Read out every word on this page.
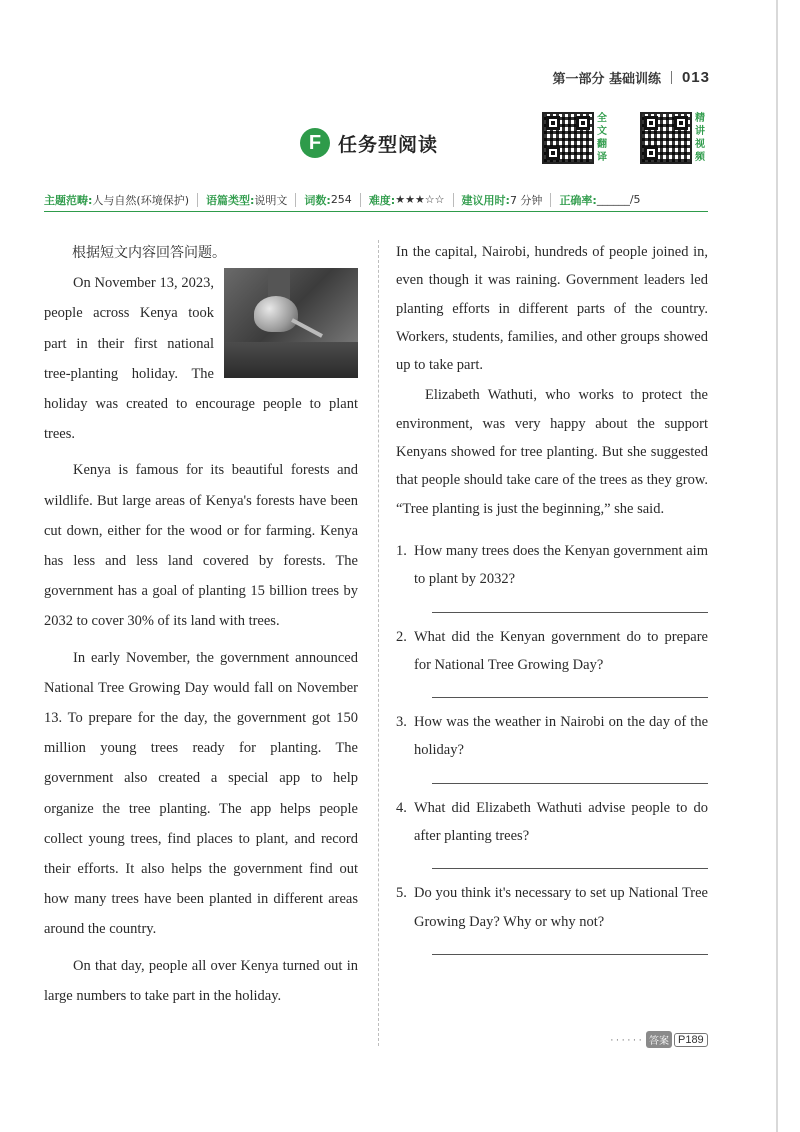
第一部分 基础训练 013
F 任务型阅读
全
文
翻
译
精
讲
视
频
主题范畴: 人与自然(环境保护) 语篇类型: 说明文 词数: 254 难度: ★★★☆☆ 建议用时: 7 分钟 正确率: ______/5

根据短文内容回答问题。

On November 13, 2023, people across Kenya took part in their first national tree-planting holiday. The holiday was created to encourage people to plant trees.

Kenya is famous for its beautiful forests and wildlife. But large areas of Kenya's forests have been cut down, either for the wood or for farming. Kenya has less and less land covered by forests. The government has a goal of planting 15 billion trees by 2032 to cover 30% of its land with trees.

In early November, the government announced National Tree Growing Day would fall on November 13. To prepare for the day, the government got 150 million young trees ready for planting. The government also created a special app to help organize the tree planting. The app helps people collect young trees, find places to plant, and record their efforts. It also helps the government find out how many trees have been planted in different areas around the country.

On that day, people all over Kenya turned out in large numbers to take part in the holiday.

In the capital, Nairobi, hundreds of people joined in, even though it was raining. Government leaders led planting efforts in different parts of the country. Workers, students, families, and other groups showed up to take part.

Elizabeth Wathuti, who works to protect the environment, was very happy about the support Kenyans showed for tree planting. But she suggested that people should take care of the trees as they grow. “Tree planting is just the beginning,” she said.

1. How many trees does the Kenyan government aim to plant by 2032?
2. What did the Kenyan government do to prepare for National Tree Growing Day?
3. How was the weather in Nairobi on the day of the holiday?
4. What did Elizabeth Wathuti advise people to do after planting trees?
5. Do you think it's necessary to set up National Tree Growing Day? Why or why not?
······ 答案 P189
